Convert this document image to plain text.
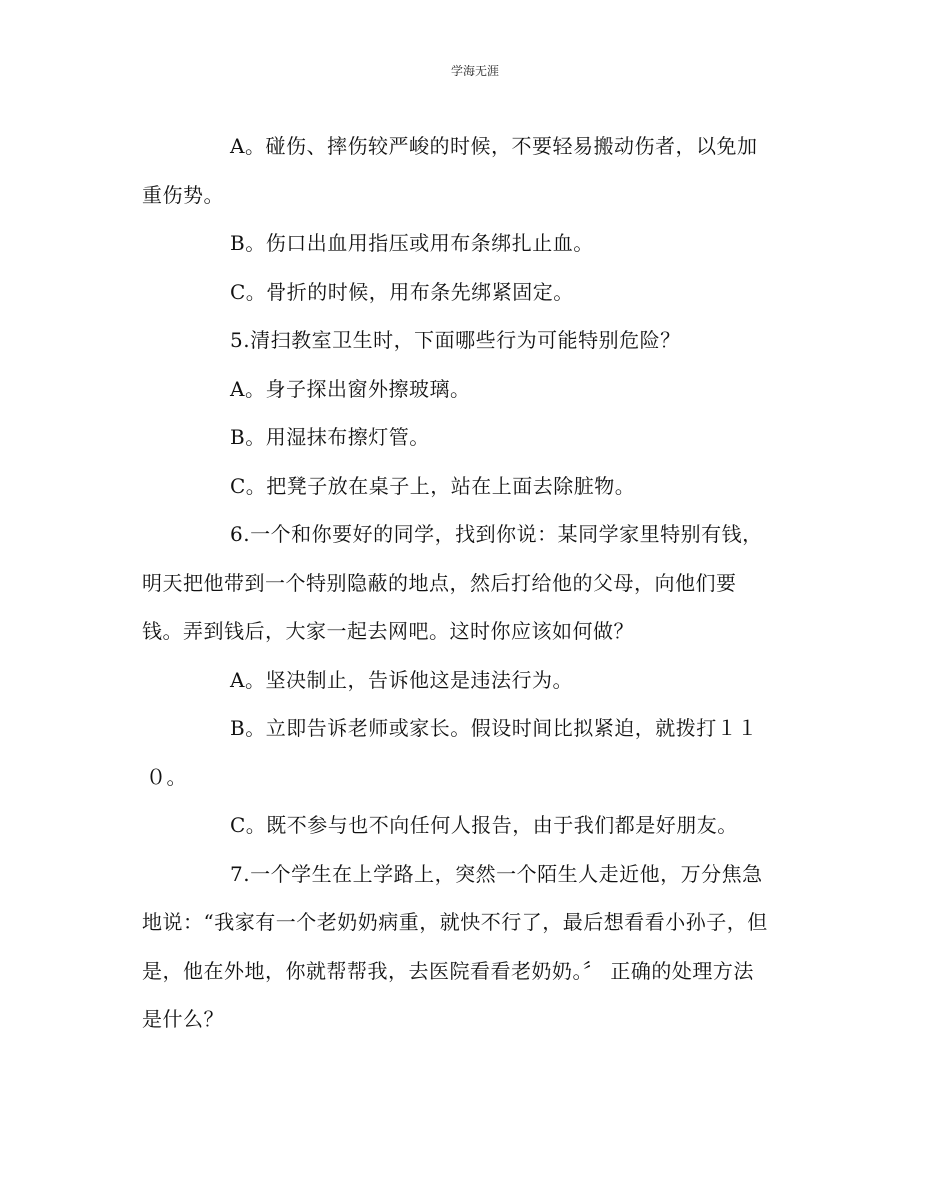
学海无涯
A。碰伤、摔伤较严峻的时候，不要轻易搬动伤者，以免加
重伤势。
B。伤口出血用指压或用布条绑扎止血。
C。骨折的时候，用布条先绑紧固定。
5.清扫教室卫生时，下面哪些行为可能特别危险？
A。身子探出窗外擦玻璃。
B。用湿抹布擦灯管。
C。把凳子放在桌子上，站在上面去除脏物。
6.一个和你要好的同学，找到你说：某同学家里特别有钱，
明天把他带到一个特别隐蔽的地点，然后打给他的父母，向他们要
钱。弄到钱后，大家一起去网吧。这时你应该如何做？
A。坚决制止，告诉他这是违法行为。
B。立即告诉老师或家长。假设时间比拟紧迫，就拨打１１
０。
C。既不参与也不向任何人报告，由于我们都是好朋友。
7.一个学生在上学路上，突然一个陌生人走近他，万分焦急
地说：“我家有一个老奶奶病重，就快不行了，最后想看看小孙子，但
是，他在外地，你就帮帮我，去医院看看老奶奶。〞 正确的处理方法
是什么？
